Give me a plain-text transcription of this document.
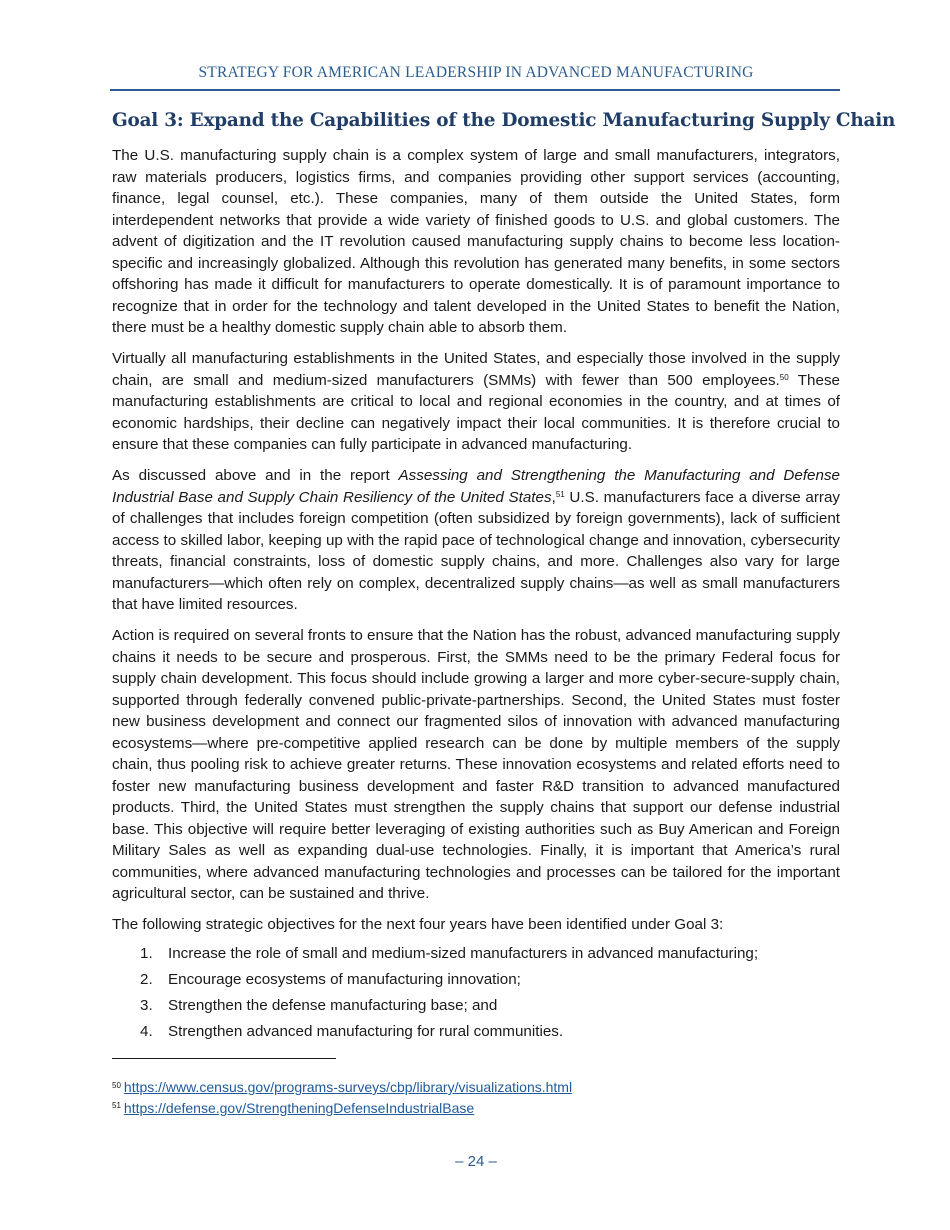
STRATEGY FOR AMERICAN LEADERSHIP IN ADVANCED MANUFACTURING
Goal 3: Expand the Capabilities of the Domestic Manufacturing Supply Chain

The U.S. manufacturing supply chain is a complex system of large and small manufacturers, integrators, raw materials producers, logistics firms, and companies providing other support services (accounting, finance, legal counsel, etc.). These companies, many of them outside the United States, form interdependent networks that provide a wide variety of finished goods to U.S. and global customers. The advent of digitization and the IT revolution caused manufacturing supply chains to become less location-specific and increasingly globalized. Although this revolution has generated many benefits, in some sectors offshoring has made it difficult for manufacturers to operate domestically. It is of paramount importance to recognize that in order for the technology and talent developed in the United States to benefit the Nation, there must be a healthy domestic supply chain able to absorb them.

Virtually all manufacturing establishments in the United States, and especially those involved in the supply chain, are small and medium-sized manufacturers (SMMs) with fewer than 500 employees.$^{50}$ These manufacturing establishments are critical to local and regional economies in the country, and at times of economic hardships, their decline can negatively impact their local communities. It is therefore crucial to ensure that these companies can fully participate in advanced manufacturing.

As discussed above and in the report Assessing and Strengthening the Manufacturing and Defense Industrial Base and Supply Chain Resiliency of the United States,$^{51}$ U.S. manufacturers face a diverse array of challenges that includes foreign competition (often subsidized by foreign governments), lack of sufficient access to skilled labor, keeping up with the rapid pace of technological change and innovation, cybersecurity threats, financial constraints, loss of domestic supply chains, and more. Challenges also vary for large manufacturers—which often rely on complex, decentralized supply chains—as well as small manufacturers that have limited resources.

Action is required on several fronts to ensure that the Nation has the robust, advanced manufacturing supply chains it needs to be secure and prosperous. First, the SMMs need to be the primary Federal focus for supply chain development. This focus should include growing a larger and more cyber-secure-supply chain, supported through federally convened public-private-partnerships. Second, the United States must foster new business development and connect our fragmented silos of innovation with advanced manufacturing ecosystems—where pre-competitive applied research can be done by multiple members of the supply chain, thus pooling risk to achieve greater returns. These innovation ecosystems and related efforts need to foster new manufacturing business development and faster R&D transition to advanced manufactured products. Third, the United States must strengthen the supply chains that support our defense industrial base. This objective will require better leveraging of existing authorities such as Buy American and Foreign Military Sales as well as expanding dual-use technologies. Finally, it is important that America’s rural communities, where advanced manufacturing technologies and processes can be tailored for the important agricultural sector, can be sustained and thrive.

The following strategic objectives for the next four years have been identified under Goal 3:

1. Increase the role of small and medium-sized manufacturers in advanced manufacturing;
2. Encourage ecosystems of manufacturing innovation;
3. Strengthen the defense manufacturing base; and
4. Strengthen advanced manufacturing for rural communities.
$^{50}$ https://www.census.gov/programs-surveys/cbp/library/visualizations.html
$^{51}$ https://defense.gov/StrengtheningDefenseIndustrialBase
– 24 –
